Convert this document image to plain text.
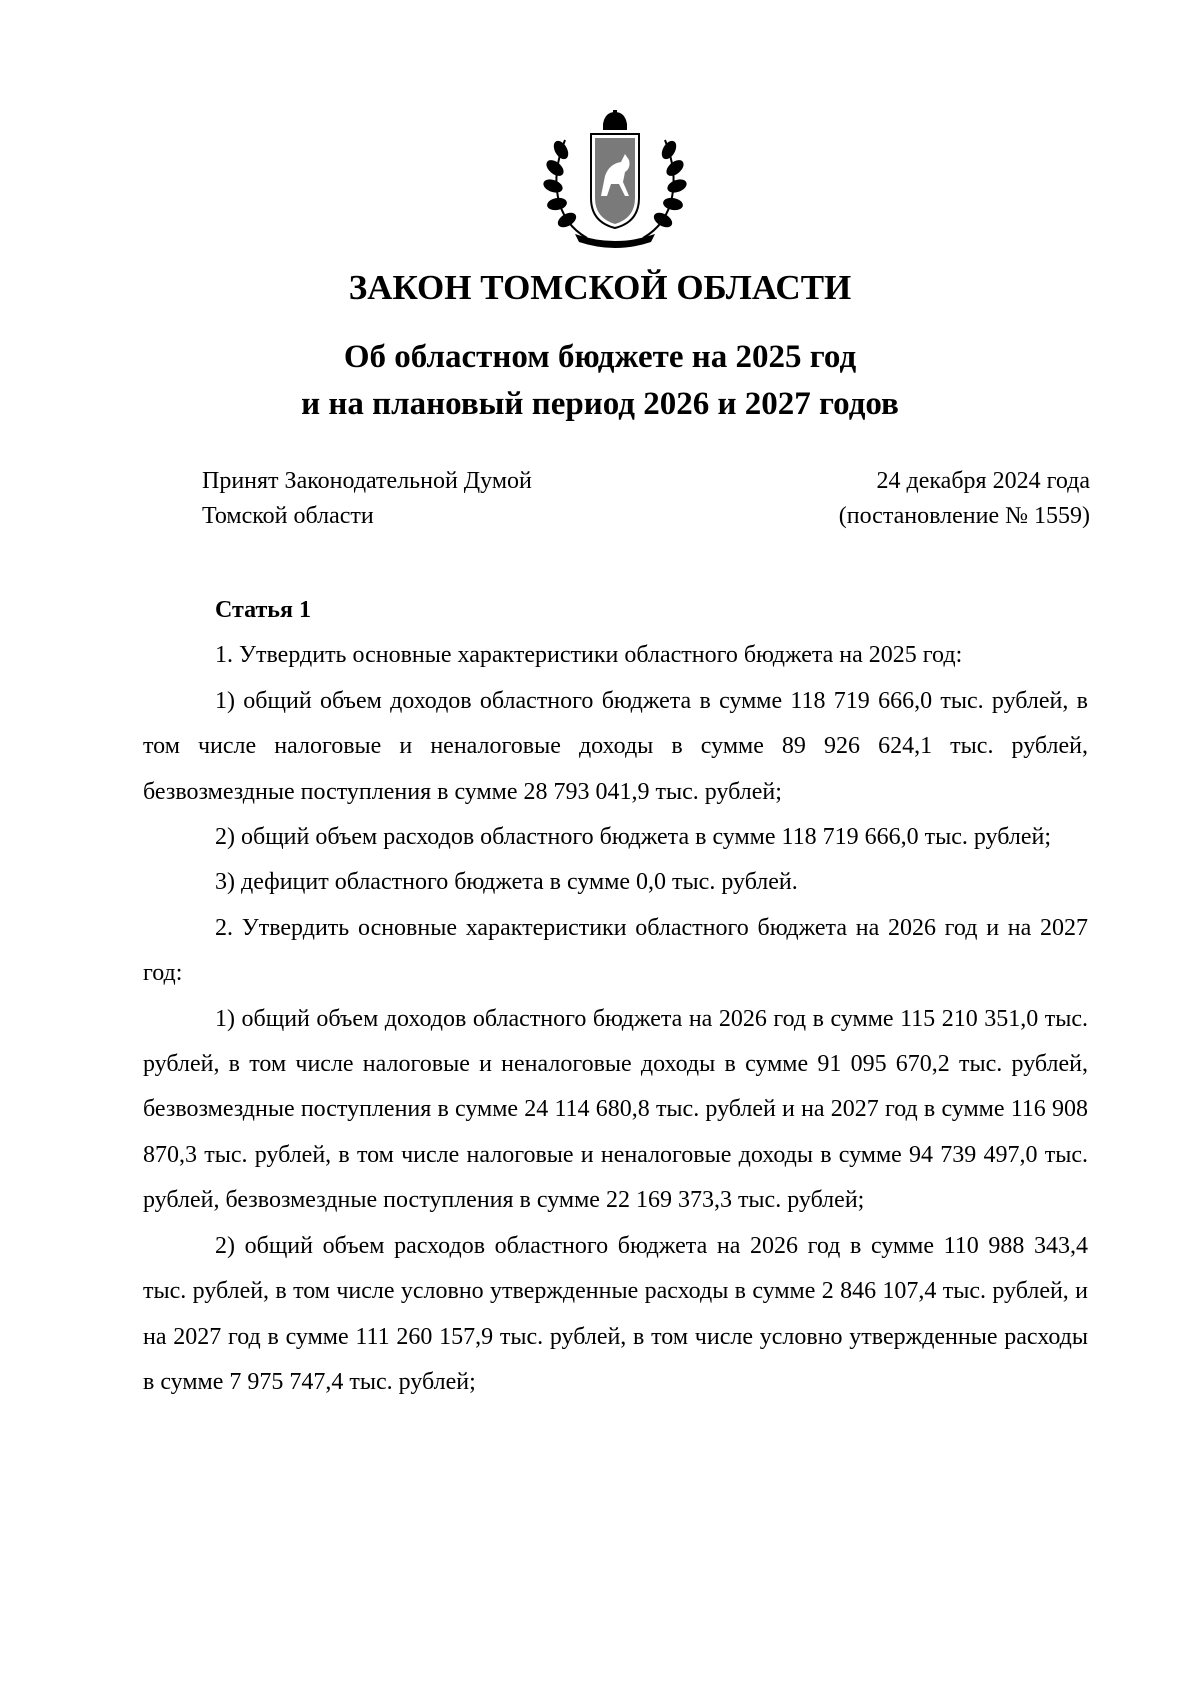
ЗАКОН ТОМСКОЙ ОБЛАСТИ
Об областном бюджете на 2025 год
и на плановый период 2026 и 2027 годов
Принят Законодательной Думой
Томской области
24 декабря 2024 года
(постановление № 1559)

Статья 1

1. Утвердить основные характеристики областного бюджета на 2025 год:

1) общий объем доходов областного бюджета в сумме 118 719 666,0 тыс. рублей, в том числе налоговые и неналоговые доходы в сумме 89 926 624,1 тыс. рублей, безвозмездные поступления в сумме 28 793 041,9 тыс. рублей;

2) общий объем расходов областного бюджета в сумме 118 719 666,0 тыс. рублей;

3) дефицит областного бюджета в сумме 0,0 тыс. рублей.

2. Утвердить основные характеристики областного бюджета на 2026 год и на 2027 год:

1) общий объем доходов областного бюджета на 2026 год в сумме 115 210 351,0 тыс. рублей, в том числе налоговые и неналоговые доходы в сумме 91 095 670,2 тыс. рублей, безвозмездные поступления в сумме 24 114 680,8 тыс. рублей и на 2027 год в сумме 116 908 870,3 тыс. рублей, в том числе налоговые и неналоговые доходы в сумме 94 739 497,0 тыс. рублей, безвозмездные поступления в сумме 22 169 373,3 тыс. рублей;

2) общий объем расходов областного бюджета на 2026 год в сумме 110 988 343,4 тыс. рублей, в том числе условно утвержденные расходы в сумме 2 846 107,4 тыс. рублей, и на 2027 год в сумме 111 260 157,9 тыс. рублей, в том числе условно утвержденные расходы в сумме 7 975 747,4 тыс. рублей;
